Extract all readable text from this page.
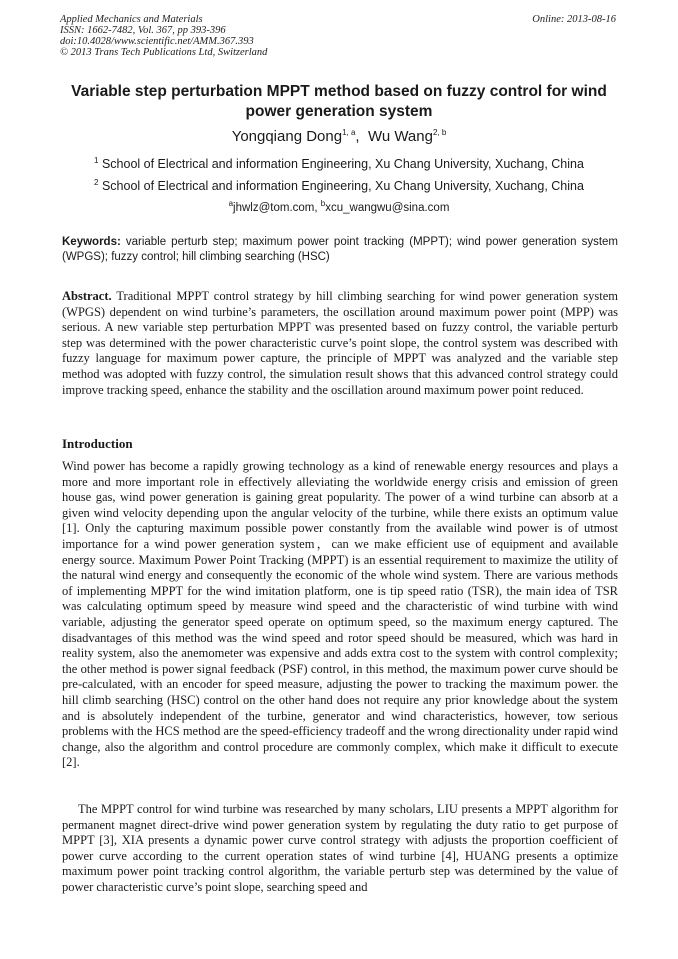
Applied Mechanics and Materials
ISSN: 1662-7482, Vol. 367, pp 393-396
doi:10.4028/www.scientific.net/AMM.367.393
© 2013 Trans Tech Publications Ltd, Switzerland
Online: 2013-08-16
Variable step perturbation MPPT method based on fuzzy control for wind power generation system
Yongqiang Dong$^{1, a}$,  Wu Wang$^{2, b}$
$^1$ School of Electrical and information Engineering, Xu Chang University, Xuchang, China
$^2$ School of Electrical and information Engineering, Xu Chang University, Xuchang, China
$^a$jhwlz@tom.com, $^b$xcu_wangwu@sina.com
Keywords: variable perturb step; maximum power point tracking (MPPT); wind power generation system (WPGS); fuzzy control; hill climbing searching (HSC)
Abstract. Traditional MPPT control strategy by hill climbing searching for wind power generation system (WPGS) dependent on wind turbine’s parameters, the oscillation around maximum power point (MPP) was serious. A new variable step perturbation MPPT was presented based on fuzzy control, the variable perturb step was determined with the power characteristic curve’s point slope, the control system was described with fuzzy language for maximum power capture, the principle of MPPT was analyzed and the variable step method was adopted with fuzzy control, the simulation result shows that this advanced control strategy could improve tracking speed, enhance the stability and the oscillation around maximum power point reduced.
Introduction
Wind power has become a rapidly growing technology as a kind of renewable energy resources and plays a more and more important role in effectively alleviating the worldwide energy crisis and emission of green house gas, wind power generation is gaining great popularity. The power of a wind turbine can absorb at a given wind velocity depending upon the angular velocity of the turbine, while there exists an optimum value [1]. Only the capturing maximum possible power constantly from the available wind power is of utmost importance for a wind power generation system，can we make efficient use of equipment and available energy source. Maximum Power Point Tracking (MPPT) is an essential requirement to maximize the utility of the natural wind energy and consequently the economic of the whole wind system. There are various methods of implementing MPPT for the wind imitation platform, one is tip speed ratio (TSR), the main idea of TSR was calculating optimum speed by measure wind speed and the characteristic of wind turbine with wind variable, adjusting the generator speed operate on optimum speed, so the maximum energy captured. The disadvantages of this method was the wind speed and rotor speed should be measured, which was hard in reality system, also the anemometer was expensive and adds extra cost to the system with control complexity; the other method is power signal feedback (PSF) control, in this method, the maximum power curve should be pre-calculated, with an encoder for speed measure, adjusting the power to tracking the maximum power. the hill climb searching (HSC) control on the other hand does not require any prior knowledge about the system and is absolutely independent of the turbine, generator and wind characteristics, however, tow serious problems with the HCS method are the speed-efficiency tradeoff and the wrong directionality under rapid wind change, also the algorithm and control procedure are commonly complex, which make it difficult to execute [2].
The MPPT control for wind turbine was researched by many scholars, LIU presents a MPPT algorithm for permanent magnet direct-drive wind power generation system by regulating the duty ratio to get purpose of MPPT [3], XIA presents a dynamic power curve control strategy with adjusts the proportion coefficient of power curve according to the current operation states of wind turbine [4], HUANG presents a optimize maximum power point tracking control algorithm, the variable perturb step was determined by the value of power characteristic curve’s point slope, searching speed and
